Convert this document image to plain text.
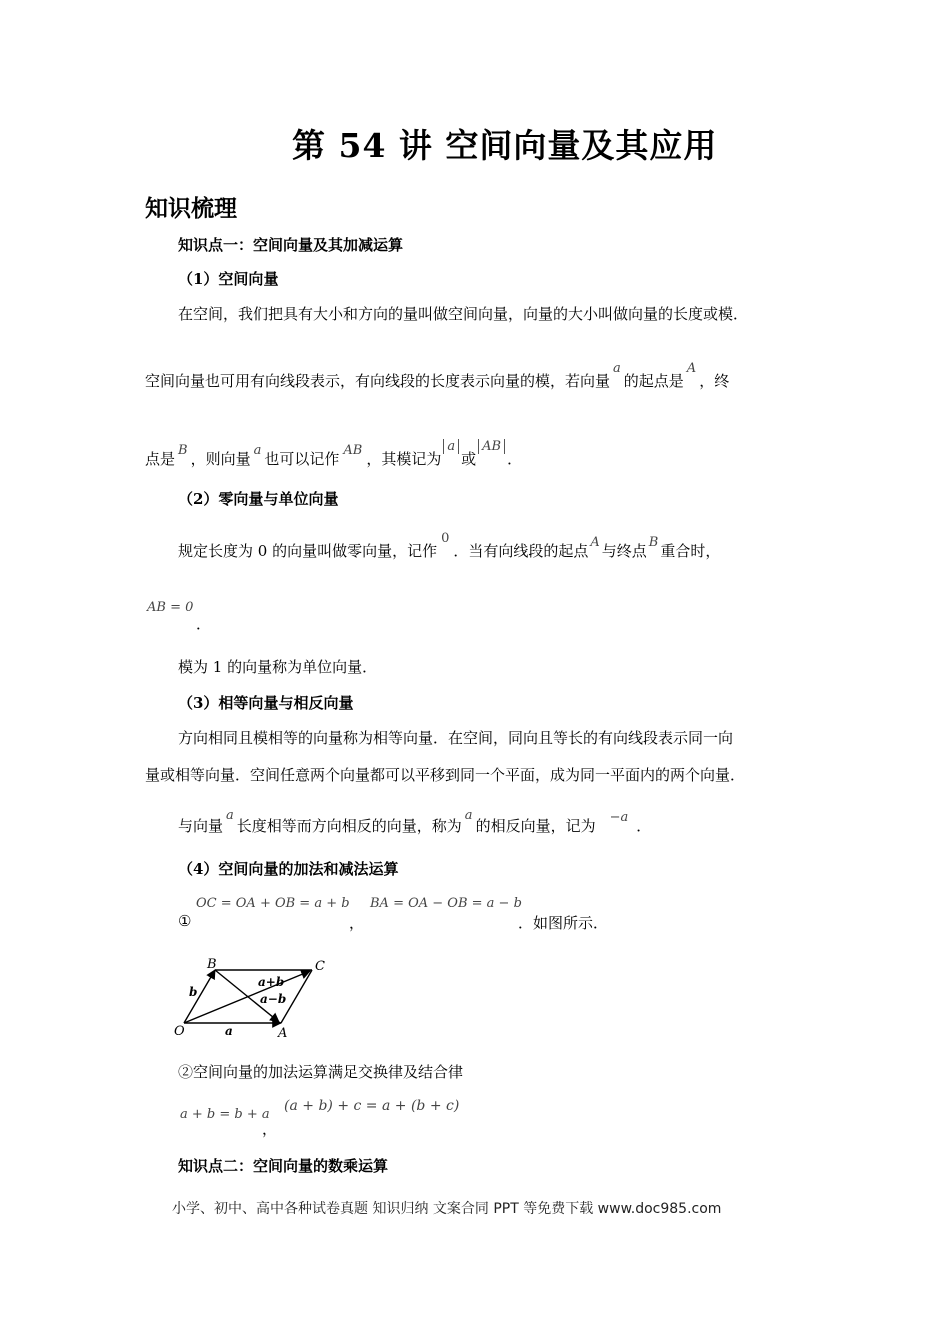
第 54 讲 空间向量及其应用
知识梳理
知识点一：空间向量及其加减运算
（1）空间向量
在空间，我们把具有大小和方向的量叫做空间向量，向量的大小叫做向量的长度或模．
空间向量也可用有向线段表示，有向线段的长度表示向量的模，若向量a的起点是A，终
点是 B ，则向量 a 也可以记作 AB ，其模记为a或AB．
（2）零向量与单位向量
规定长度为 0 的向量叫做零向量，记作0．当有向线段的起点 A 与终点 B 重合时，
AB = 0
．
模为 1 的向量称为单位向量．
（3）相等向量与相反向量
方向相同且模相等的向量称为相等向量．在空间，同向且等长的有向线段表示同一向
量或相等向量．空间任意两个向量都可以平移到同一个平面，成为同一平面内的两个向量．
与向量a长度相等而方向相反的向量，称为a的相反向量，记为 −a ．
（4）空间向量的加法和减法运算
①
OC = OA + OB = a + b
，
BA = OA − OB = a − b
．如图所示．
B	C
O	A
b
a
a+b
a−b
②空间向量的加法运算满足交换律及结合律
a + b = b + a
，
(a + b) + c = a + (b + c)
知识点二：空间向量的数乘运算
小学、初中、高中各种试卷真题 知识归纳 文案合同 PPT 等免费下载 www.doc985.com
